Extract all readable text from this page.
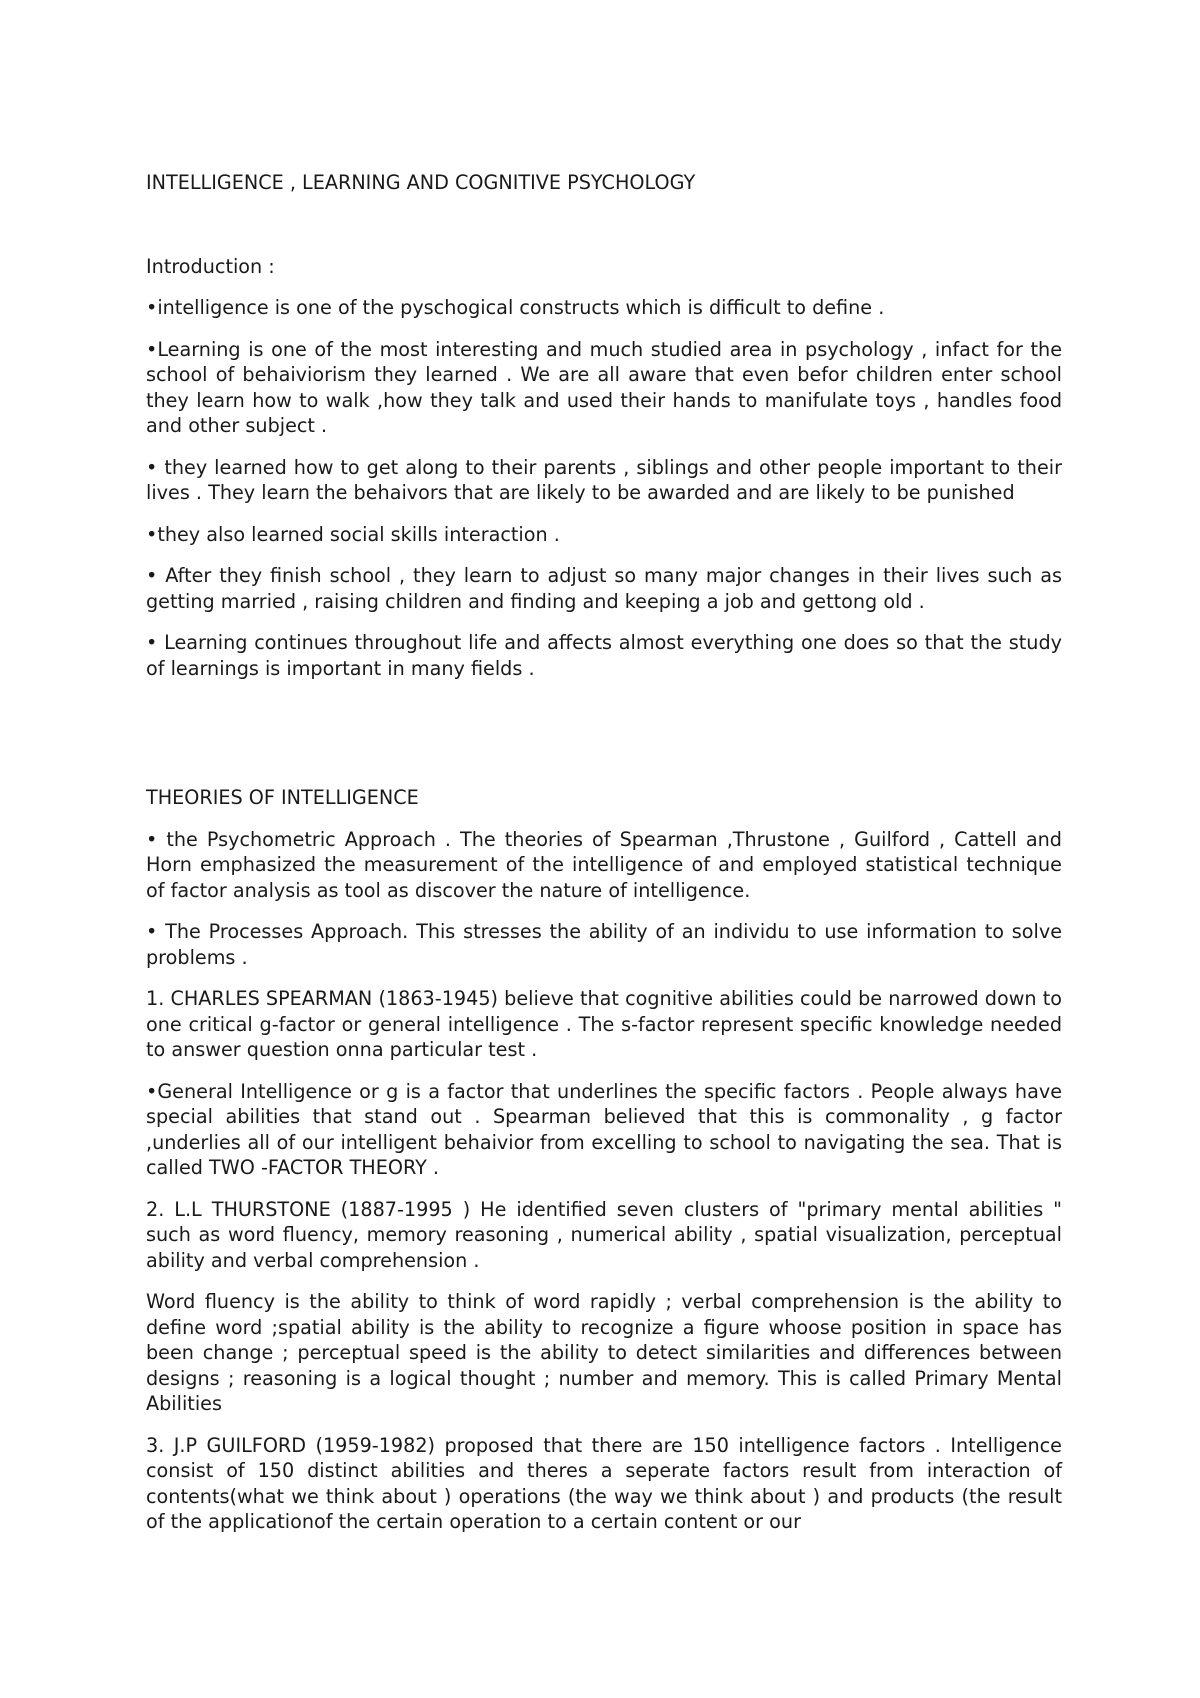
INTELLIGENCE , LEARNING AND COGNITIVE PSYCHOLOGY

Introduction :

•intelligence is one of the pyschogical constructs which is difficult to define .

•Learning is one of the most interesting and much studied area in psychology , infact for the school of behaiviorism they learned . We are all aware that even befor children enter school they learn how to walk ,how they talk and used their hands to manifulate toys , handles food and other subject .

• they learned how to get along to their parents , siblings and other people important to their lives . They learn the behaivors that are likely to be awarded and are likely to be punished

•they also learned social skills interaction .

• After they finish school , they learn to adjust so many major changes in their lives such as getting married , raising children and finding and keeping a job and gettong old .

• Learning continues throughout life and affects almost everything one does so that the study of learnings is important in many fields .

THEORIES OF INTELLIGENCE

• the Psychometric Approach . The theories of Spearman ,Thrustone , Guilford , Cattell and Horn emphasized the measurement of the intelligence of and employed statistical technique of factor analysis as tool as discover the nature of intelligence.

• The Processes Approach. This stresses the ability of an individu to use information to solve problems .

1. CHARLES SPEARMAN (1863-1945) believe that cognitive abilities could be narrowed down to one critical g-factor or general intelligence . The s-factor represent specific knowledge needed to answer question onna particular test .

•General Intelligence or g is a factor that underlines the specific factors . People always have special abilities that stand out . Spearman believed that this is commonality , g factor ,underlies all of our intelligent behaivior from excelling to school to navigating the sea. That is called TWO -FACTOR THEORY .

2. L.L THURSTONE (1887-1995 ) He identified seven clusters of "primary mental abilities " such as word fluency, memory reasoning , numerical ability , spatial visualization, perceptual ability and verbal comprehension .

Word fluency is the ability to think of word rapidly ; verbal comprehension is the ability to define word ;spatial ability is the ability to recognize a figure whoose position in space has been change ; perceptual speed is the ability to detect similarities and differences between designs ; reasoning is a logical thought ; number and memory. This is called Primary Mental Abilities

3. J.P GUILFORD (1959-1982) proposed that there are 150 intelligence factors . Intelligence consist of 150 distinct abilities and theres a seperate factors result from interaction of contents(what we think about ) operations (the way we think about ) and products (the result of the applicationof the certain operation to a certain content or our
